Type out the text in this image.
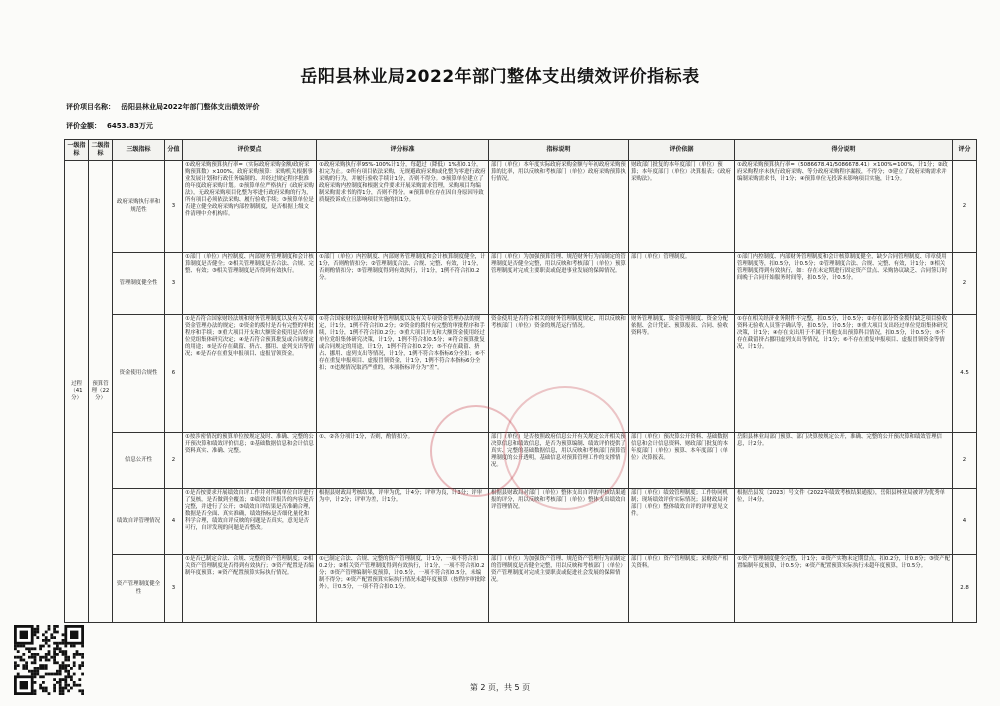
岳阳县林业局2022年部门整体支出绩效评价指标表
评价项目名称： 岳阳县林业局2022年部门整体支出绩效评价
评价金额： 6453.83万元
一级指标	二级指标	三级指标	分值	评价要点	评分标准	指标说明	评价依据	得分说明	评分
过程（41分）	预算管理（22分）	政府采购执行率和规范性	3	①政府采购预算执行率=（实际政府采购金额/政府采购预算数）×100%。政府采购预算：采购机关根据事业发展计划和行政任务编制的、并经过规定程序批准的年度政府采购计划。②预算单位严格执行《政府采购法》，无政府采购项目化整为零进行政府采购的行为，所有项目必须依法采购、履行验收手续；③预算单位是否建立健全政府采购内部控制制度，是否根据上级文件清理中介机构库。	①政府采购执行率95%-100%计1分，每超过（降低）1%扣0.1分，扣完为止。②所有项目依法采购，无规避政府采购或化整为零进行政府采购的行为，并履行验收手续计1分，否则不得分。③预算单位建立了政府采购内控制度和根据文件要求开展采购需求管理，采购项目均编制采购需求书的得1分，否则不得分。④预算单位存在因自身原因导致质疑投诉成立且影响项目实施的扣1分。	部门（单位）本年度实际政府采购金额与年初政府采购预算的比率，用以反映和考核部门（单位）政府采购预算执行情况。	财政部门批复的本年度部门（单位）预算；本年度部门（单位）决算报表；《政府采购法》。	①政府采购预算执行率=（5086678.41/5086678.41）×100%=100%，计1分；②政府采购程序未执行政府采购、等分政府采购程序漏报，不得分；③建立了政府采购需求并编制采购需求书，计1分；④预算单位无投诉未影响项目实施，计1分。	2
		管理制度健全性	3	①部门（单位）内控制度、内部财务管理制度和会计核算制度是否健全；②相关管理制度是否合法、合规、完整、有效；③相关管理制度是否得到有效执行。	①部门（单位）内控制度、内部财务管理制度和会计核算制度健全，计1分，否则酌情扣分；②管理制度合法、合规、完整、有效，计1分，否则酌情扣分；③管理制度得到有效执行，计1分，1例不符合扣0.2分。	部门（单位）为加强预算管理、规范财务行为而制定的管理制度是否健全完整，用以反映和考核部门（单位）预算管理制度对完成主要职责或促进事业发展的保障情况。	部门（单位）管理制度。	①部门内控制度、内部财务管理制度和会计核算制度健全，缺少合同管理制度、印章使用管理制度等，扣0.5分，计0.5分；②管理制度合法、合规、完整、有效，计1分；③相关管理制度得到有效执行，如：存在未定期进行固定资产盘点、采购协议缺乏、合同签订时间晚于合同开始服务时间等，扣0.5分，计0.5分。	2
		资金使用合规性	6	①是否符合国家财经法规和财务管理制度以及有关专项资金管理办法的规定；②资金的拨付是否有完整的审批程序和手续；③重大项目开支和大额资金使用是否经单位党组集体研究决定；④是否符合预算批复或合同规定的用途；⑤是否存在截留、挤占、挪用、虚列支出等情况；⑥是否存在重复申报项目、虚报冒领资金。	①符合国家财经法规和财务管理制度以及有关专项资金管理办法的规定，计1分，1例不符合扣0.2分；②资金的拨付有完整的审批程序和手续，计1分，1例不符合扣0.2分；③重大项目开支和大额资金使用经过单位党组集体研究决策，计1分，1例不符合扣0.5分；④符合预算批复或合同规定的用途，计1分，1例不符合扣0.2分；⑤不存在截留、挤占、挪用、虚列支出等情况，计1分，1例不符合本指标6分全扣；⑥不存在重复申报项目、虚报冒领资金，计1分，1例不符合本指标6分全扣；⑦违规情况取消严重的，本项指标评分为“差”。	资金使用是否符合相关的财务管理制度规定，用以反映和考核部门（单位）资金的规范运行情况。	财务管理制度、资金管理制度、资金分配依据、会计凭证、预算报表、合同、验收资料等。	①存在相关经济业务附件不完整，扣0.5分，计0.5分；②存在部分资金拨付缺乏项目验收资料无验收人员签字确认等，扣0.5分，计0.5分；③重大项目支出经过单位党组集体研究决策，计1分；④存在支出用于不属于其他支出预算科目情况，扣0.5分，计0.5分；⑤不存在截留挤占挪用虚列支出等情况，计1分；⑥不存在重复申报项目、虚报冒领资金等情况，计1分。	4.5
		信息公开性	2	①按涉密情况的预算单位按规定及时、准确、完整的公开预决算和绩效评价信息；②基础数据信息和会计信息资料真实、准确、完整。	①、②各分项计1分，否则，酌情扣分。	部门（单位）是否按照政府信息公开有关规定公开相关预决算信息和绩效信息，是否为预算编制、绩效评价提供了真实、完整的基础数据信息，用以反映和考核部门预算管理制度的公开透明，基础信息对预算管理工作的支撑情况。	部门（单位）预决算公开资料、基础数据信息和会计信息资料、财政部门批复的本年度部门（单位）预算、本年度部门（单位）决算报表。	岳阳县林业局部门预算、部门决算按规定公开，准确、完整的公开预决算和绩效管理信息，计2分。	2
		绩效自评管理情况	4	①是否按要求开展绩效自评工作并对所属单位自评进行了复核，是否做到全覆盖；②绩效自评报告的内容是否完整，并进行了公开；③绩效自评结果是否准确合理，数据是否全面、真实准确，绩效指标是否细化量化和科学合理，绩效自评反映的问题是否真实，意见是否可行，自评发现的问题是否整改。	根据县财政局考核结果，评审为优，计4分；评审为良，计3分；评审为中，计2分；评审为差，计1分。	根据县财政局对部门（单位）整体支出自评的审核结果通报的评分，用以反映和考核部门（单位）整体支出绩效自评管理情况。	部门（单位）绩效管理制度；工作协同机制；现场绩效评价实际情况；县财政局对部门（单位）整体绩效自评的评审意见文件。	根据岳县发〔2023〕号文件《2022年绩效考核结果通报》，岳阳县林业局被评为优秀单位，计4分。	4
		资产管理制度健全性	3	①是否已制定合法、合规、完整的资产管理制度；②相关资产管理制度是否得到有效执行；③资产配置是否编制年度预算；④资产配置预算实际执行情况。	①已制定合法、合规、完整的资产管理制度，计1分，一项不符合扣0.2分；②相关资产管理制度得到有效执行，计1分，一项不符合扣0.2分；③资产管理编制年度预算，计0.5分，一项不符合扣0.5分，未编制不得分；④资产配置预算实际执行情况未超年度预算（按程序审批除外），计0.5分，一项不符合扣0.1分。	部门（单位）为加强资产管理、规范资产管理行为而制定的管理制度是否健全完整，用以反映和考核部门（单位）资产管理制度对完成主要职责或促进社会发展的保障情况。	部门（单位）资产管理制度；采购资产相关资料。	①资产管理制度健全完整，计1分；②资产实物未定期盘点，扣0.2分，计0.8分；③资产配置编制年度预算，计0.5分；④资产配置预算实际执行未超年度预算，计0.5分。	2.8
第 2 页，共 5 页
